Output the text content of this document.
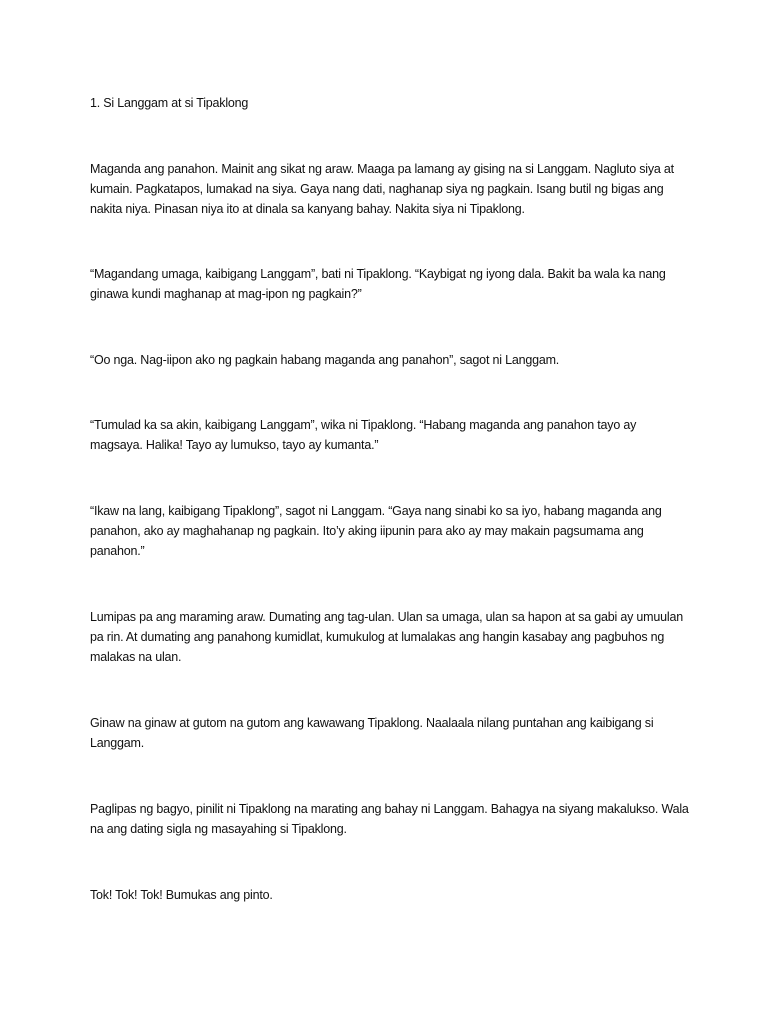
1. Si Langgam at si Tipaklong

Maganda ang panahon. Mainit ang sikat ng araw. Maaga pa lamang ay gising na si Langgam. Nagluto siya at kumain. Pagkatapos, lumakad na siya. Gaya nang dati, naghanap siya ng pagkain. Isang butil ng bigas ang nakita niya. Pinasan niya ito at dinala sa kanyang bahay. Nakita siya ni Tipaklong.

“Magandang umaga, kaibigang Langgam”, bati ni Tipaklong. “Kaybigat ng iyong dala. Bakit ba wala ka nang ginawa kundi maghanap at mag-ipon ng pagkain?”

“Oo nga. Nag-iipon ako ng pagkain habang maganda ang panahon”, sagot ni Langgam.

“Tumulad ka sa akin, kaibigang Langgam”, wika ni Tipaklong. “Habang maganda ang panahon tayo ay magsaya. Halika! Tayo ay lumukso, tayo ay kumanta.”

“Ikaw na lang, kaibigang Tipaklong”, sagot ni Langgam. “Gaya nang sinabi ko sa iyo, habang maganda ang panahon, ako ay maghahanap ng pagkain. Ito’y aking iipunin para ako ay may makain pagsumama ang panahon.”

Lumipas pa ang maraming araw. Dumating ang tag-ulan. Ulan sa umaga, ulan sa hapon at sa gabi ay umuulan pa rin. At dumating ang panahong kumidlat, kumukulog at lumalakas ang hangin kasabay ang pagbuhos ng malakas na ulan.

Ginaw na ginaw at gutom na gutom ang kawawang Tipaklong. Naalaala nilang puntahan ang kaibigang si Langgam.

Paglipas ng bagyo, pinilit ni Tipaklong na marating ang bahay ni Langgam. Bahagya na siyang makalukso. Wala na ang dating sigla ng masayahing si Tipaklong.

Tok! Tok! Tok! Bumukas ang pinto.
